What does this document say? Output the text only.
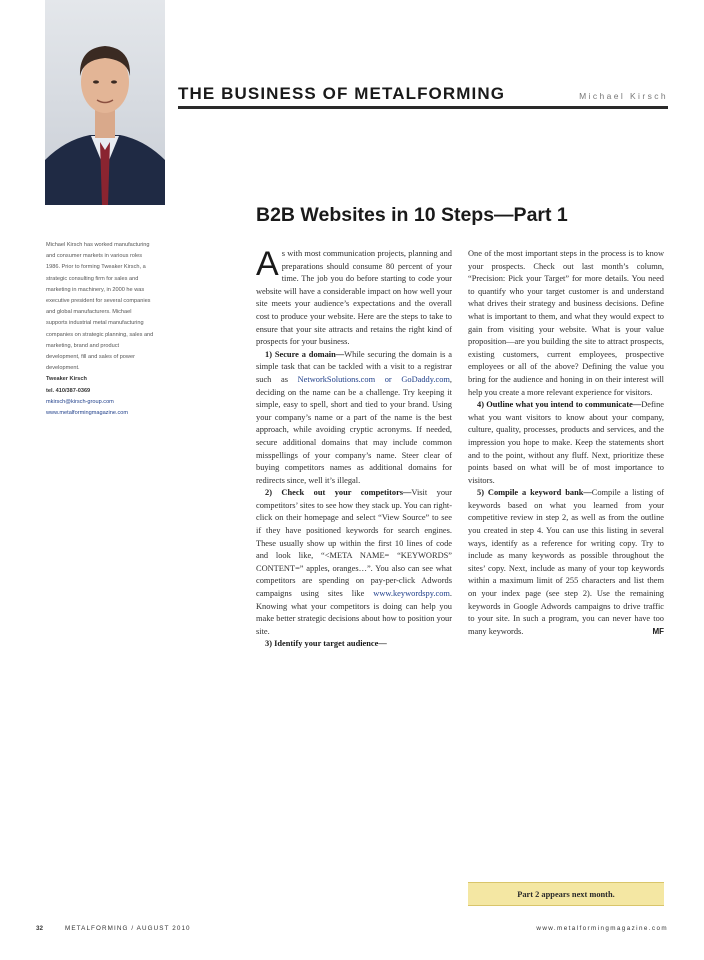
THE BUSINESS OF METALFORMING	Michael Kirsch
B2B Websites in 10 Steps—Part 1

Michael Kirsch has worked manufacturing and consumer markets in various roles 1986. Prior to forming Tweaker Kirsch, a strategic consulting firm for sales and marketing in machinery, in 2000 he was executive president for several companies and global manufacturers. Michael supports industrial metal manufacturing companies on strategic planning, sales and marketing, brand and product development, fill and sales of power development.

Tweaker Kirsch

tel. 410/387-0369

mkirsch@kirsch-group.com

www.metalformingmagazine.com

As with most communication projects, planning and preparations should consume 80 percent of your time. The job you do before starting to code your website will have a considerable impact on how well your site meets your audience’s expectations and the overall cost to produce your website. Here are the steps to take to ensure that your site attracts and retains the right kind of prospects for your business.

1) Secure a domain—While securing the domain is a simple task that can be tackled with a visit to a registrar such as NetworkSolutions.com or GoDaddy.com, deciding on the name can be a challenge. Try keeping it simple, easy to spell, short and tied to your brand. Using your company’s name or a part of the name is the best approach, while avoiding cryptic acronyms. If needed, secure additional domains that may include common misspellings of your company’s name. Steer clear of buying competitors names as additional domains for redirects since, well it’s illegal.

2) Check out your competitors—Visit your competitors’ sites to see how they stack up. You can right-click on their homepage and select “View Source” to see if they have positioned keywords for search engines. These usually show up within the first 10 lines of code and look like, “<META NAME= “KEYWORDS” CONTENT=” apples, oranges…”. You also can see what competitors are spending on pay-per-click Adwords campaigns using sites like www.keywordspy.com. Knowing what your competitors is doing can help you make better strategic decisions about how to position your site.

3) Identify your target audience—

One of the most important steps in the process is to know your prospects. Check out last month’s column, “Precision: Pick your Target” for more details. You need to quantify who your target customer is and understand what drives their strategy and business decisions. Define what is important to them, and what they would expect to gain from visiting your website. What is your value proposition—are you building the site to attract prospects, existing customers, current employees, prospective employees or all of the above? Defining the value you bring for the audience and honing in on their interest will help you create a more relevant experience for visitors.

4) Outline what you intend to communicate—Define what you want visitors to know about your company, culture, quality, processes, products and services, and the impression you hope to make. Keep the statements short and to the point, without any fluff. Next, prioritize these points based on what will be of most importance to visitors.

5) Compile a keyword bank—Compile a listing of keywords based on what you learned from your competitive review in step 2, as well as from the outline you created in step 4. You can use this listing in several ways, identify as a reference for writing copy. Try to include as many keywords as possible throughout the sites’ copy. Next, include as many of your top keywords within a maximum limit of 255 characters and list them on your index page (see step 2). Use the remaining keywords in Google Adwords campaigns to drive traffic to your site. In such a program, you can never have too many keywords.	MF

Part 2 appears next month.
32	METALFORMING / AUGUST 2010	www.metalformingmagazine.com
